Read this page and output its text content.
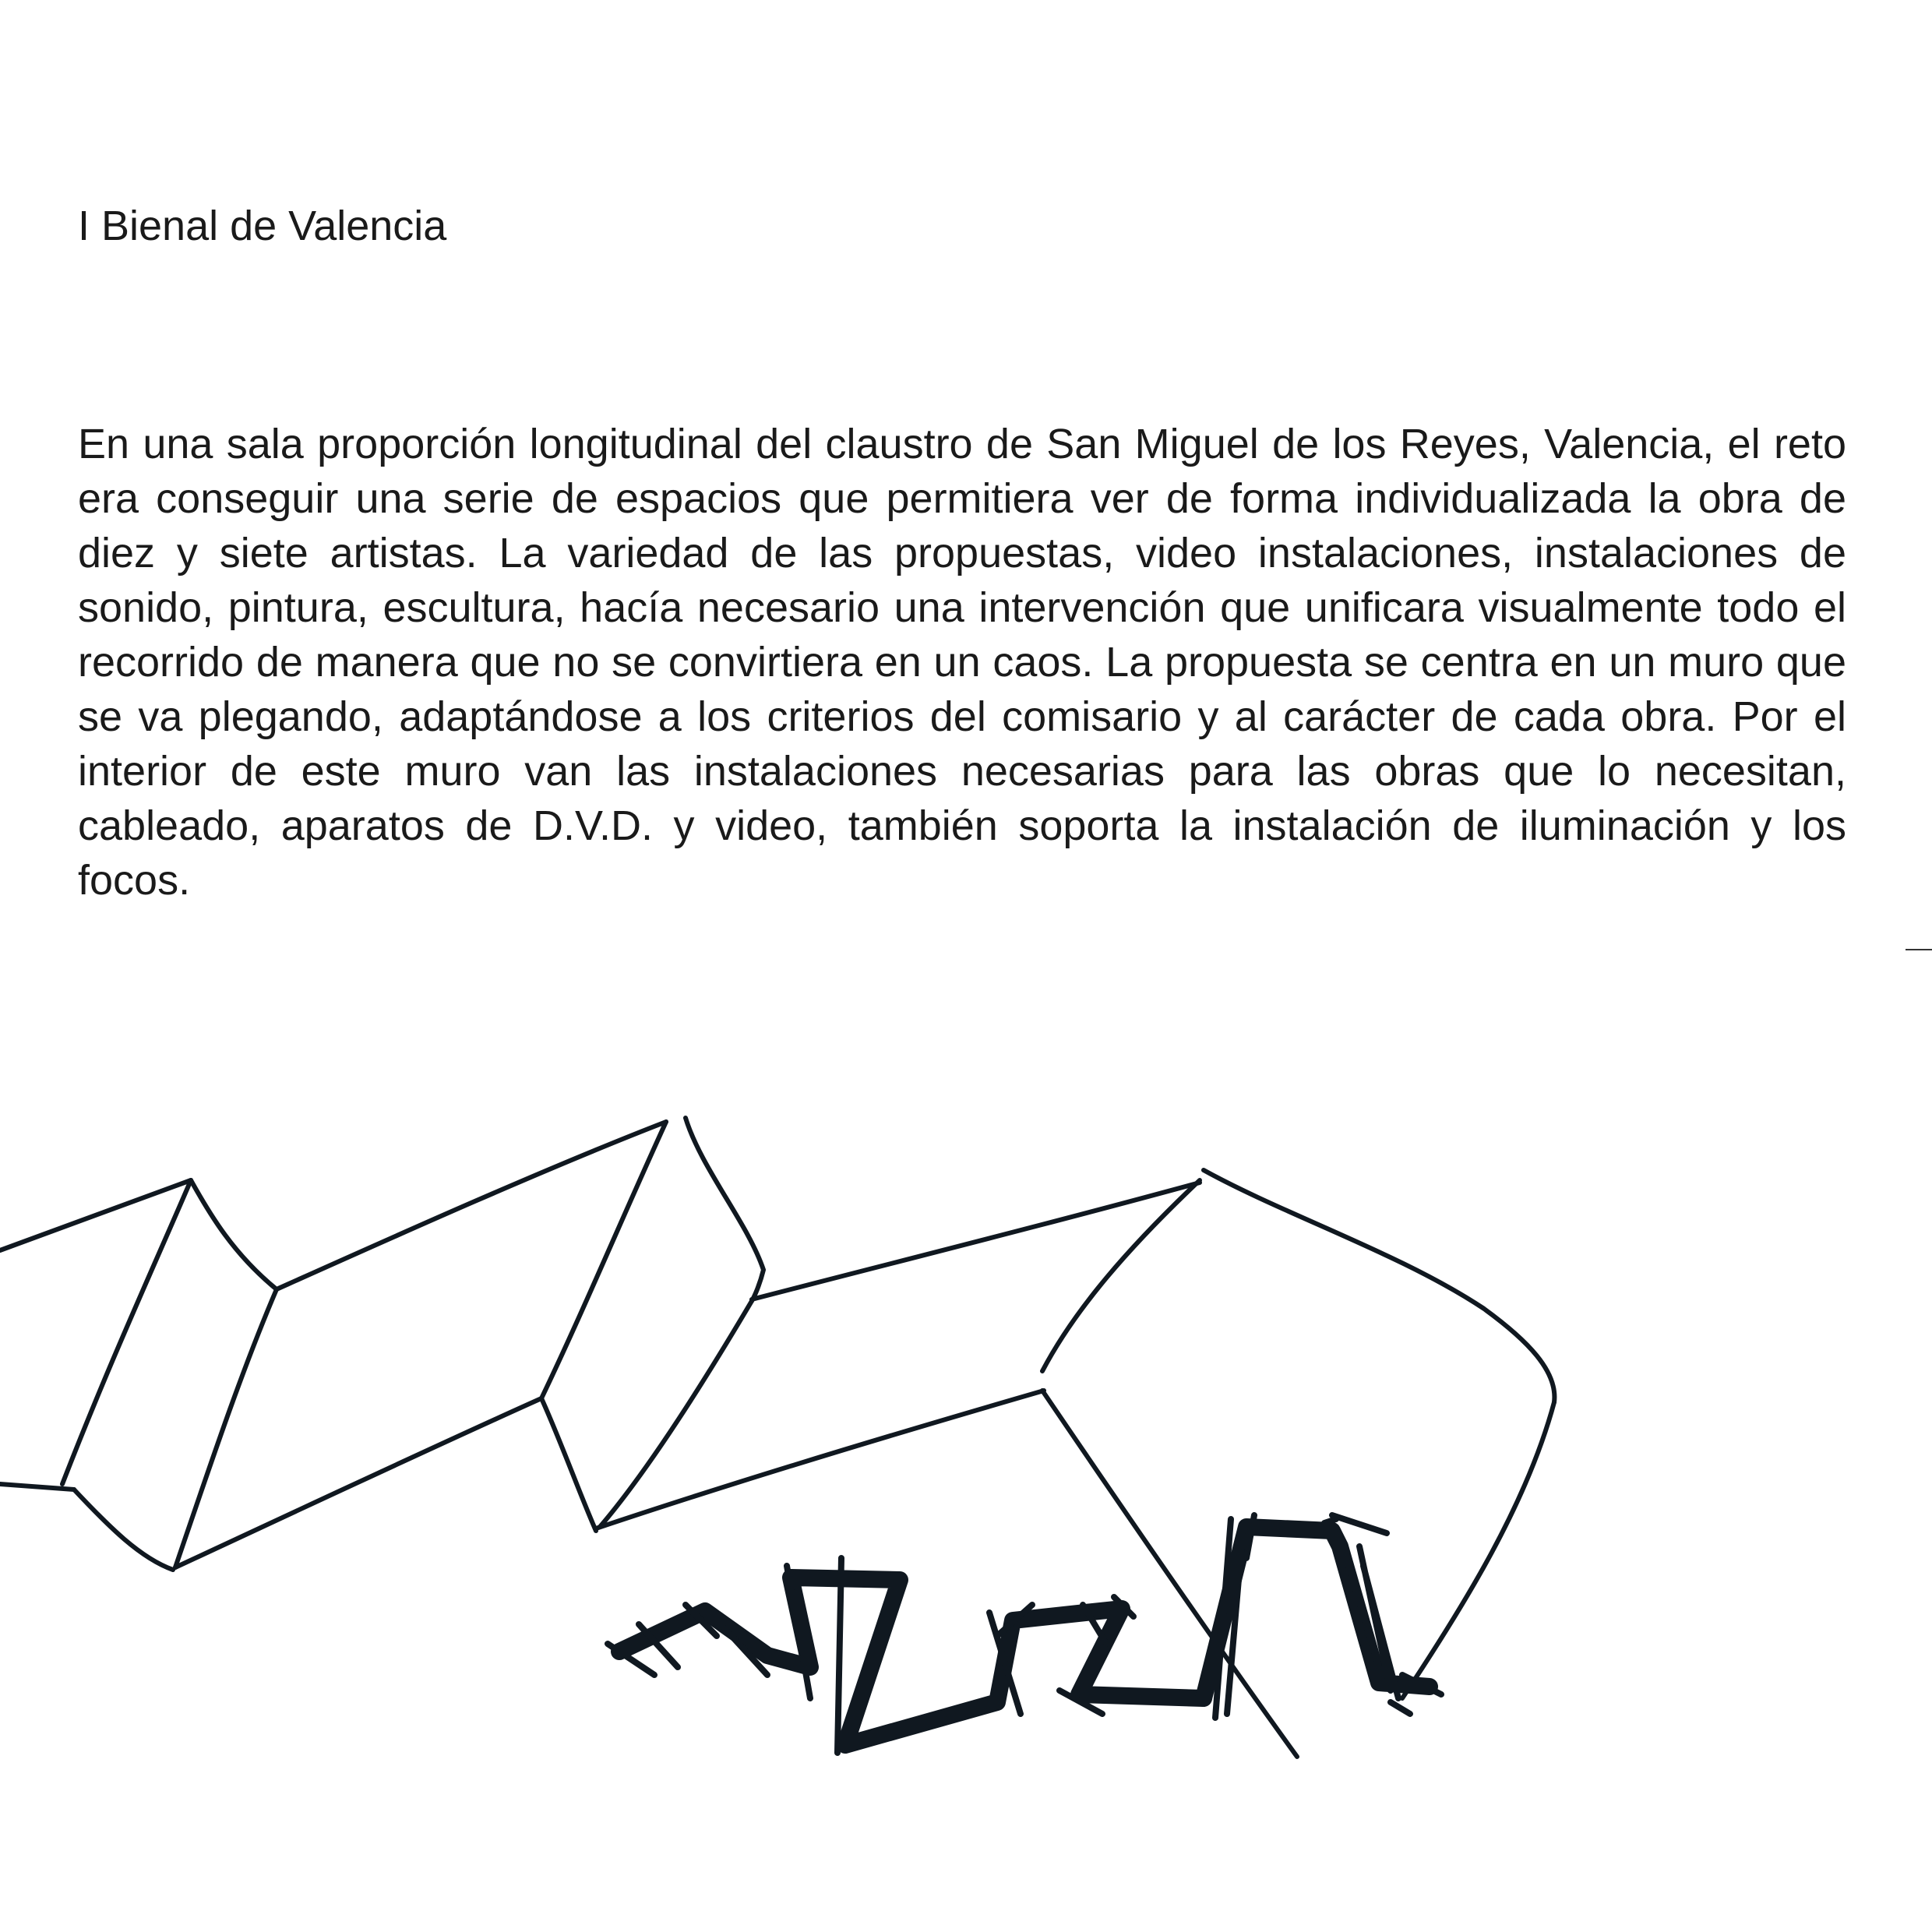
I Bienal de Valencia

En una sala proporción longitudinal del claustro de San Miguel de los Reyes, Valencia, el reto era conseguir una serie de espacios que permitiera ver de forma individualizada la obra de diez y siete artistas. La variedad de las propuestas, video instalaciones, instalaciones de sonido, pintura, escultura, hacía necesario una intervención que unificara visualmente todo el recorrido de manera que no se convirtiera en un caos. La propuesta se centra en un muro que se va plegando, adaptándose a los criterios del comisario y al carácter de cada obra. Por el interior de este muro van las instalaciones necesarias para las obras que lo necesitan, cableado, aparatos de D.V.D. y video, también soporta la instalación de iluminación y los focos.
